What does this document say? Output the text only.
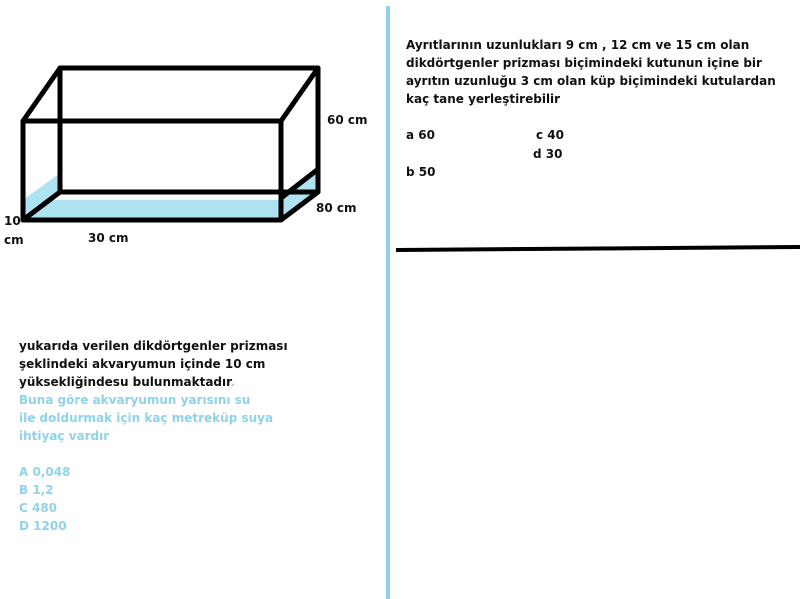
60 cm
80 cm
30 cm
10
cm
yukarıda verilen dikdörtgenler prizması
şeklindeki akvaryumun içinde 10 cm
yüksekliğindesu bulunmaktadır.
Buna göre akvaryumun yarısını su
ile doldurmak için kaç metreküp suya
ihtiyaç vardır
A 0,048
B 1,2
C 480
D 1200
Ayrıtlarının uzunlukları 9 cm , 12 cm ve 15 cm olan
dikdörtgenler prizması biçimindeki kutunun içine bir
ayrıtın uzunluğu 3 cm olan küp biçimindeki kutulardan
kaç tane yerleştirebilir
a 60	c 40
d 30
b 50
